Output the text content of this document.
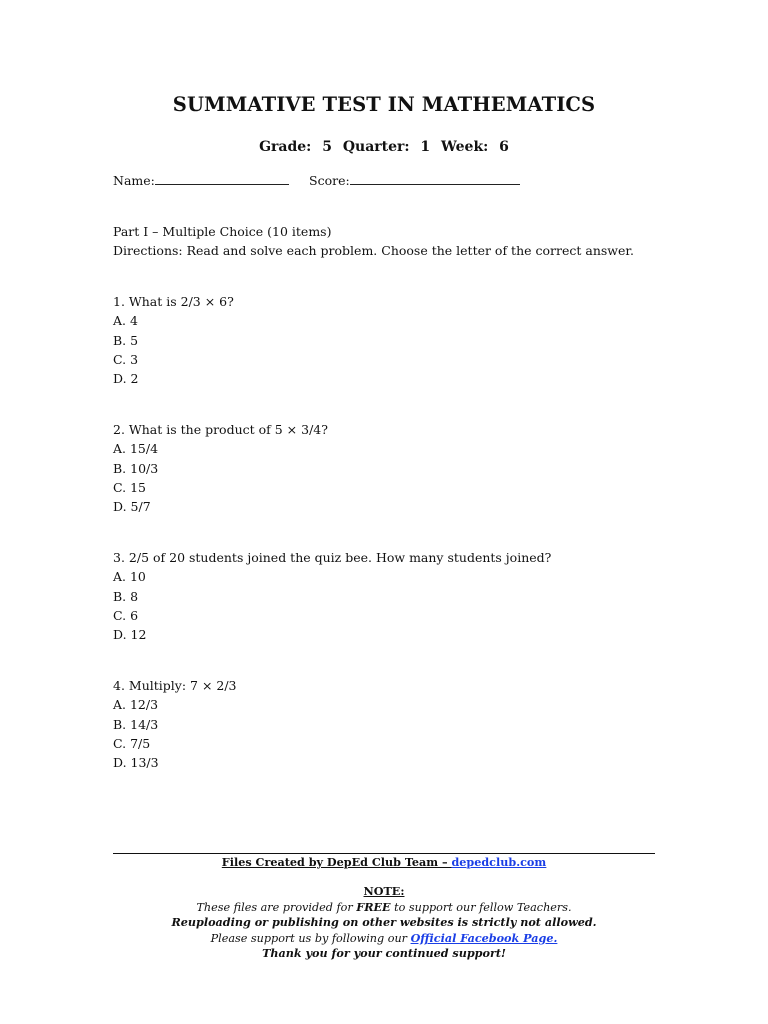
SUMMATIVE TEST IN MATHEMATICS
Grade: 5 Quarter: 1 Week: 6
Name:	Score:
Part I – Multiple Choice (10 items)
Directions: Read and solve each problem. Choose the letter of the correct answer.
1. What is 2/3 × 6?
A. 4
B. 5
C. 3
D. 2
2. What is the product of 5 × 3/4?
A. 15/4
B. 10/3
C. 15
D. 5/7
3. 2/5 of 20 students joined the quiz bee. How many students joined?
A. 10
B. 8
C. 6
D. 12
4. Multiply: 7 × 2/3
A. 12/3
B. 14/3
C. 7/5
D. 13/3
Files Created by DepEd Club Team – depedclub.com
NOTE:
These files are provided for FREE to support our fellow Teachers.
Reuploading or publishing on other websites is strictly not allowed.
Please support us by following our Official Facebook Page.
Thank you for your continued support!
